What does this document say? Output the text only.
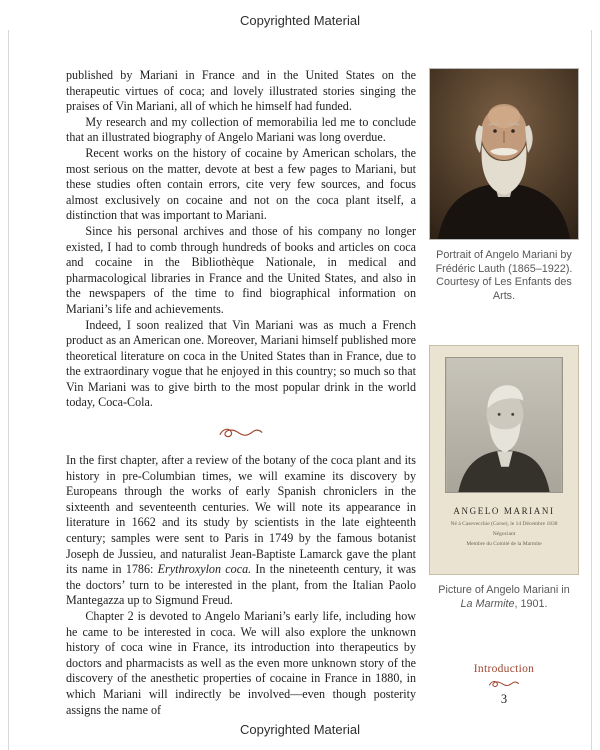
Copyrighted Material

published by Mariani in France and in the United States on the therapeutic virtues of coca; and lovely illustrated stories singing the praises of Vin Mariani, all of which he himself had funded.

My research and my collection of memorabilia led me to conclude that an illustrated biography of Angelo Mariani was long overdue.

Recent works on the history of cocaine by American scholars, the most serious on the matter, devote at best a few pages to Mariani, but these studies often contain errors, cite very few sources, and focus almost exclusively on cocaine and not on the coca plant itself, a distinction that was important to Mariani.

Since his personal archives and those of his company no longer existed, I had to comb through hundreds of books and articles on coca and cocaine in the Bibliothèque Nationale, in medical and pharmacological libraries in France and the United States, and also in the newspapers of the time to find biographical information on Mariani’s life and achievements.

Indeed, I soon realized that Vin Mariani was as much a French product as an American one. Moreover, Mariani himself published more theoretical literature on coca in the United States than in France, due to the extraordinary vogue that he enjoyed in this country; so much so that Vin Mariani was to give birth to the most popular drink in the world today, Coca-Cola.

In the first chapter, after a review of the botany of the coca plant and its history in pre-Columbian times, we will examine its discovery by Europeans through the works of early Spanish chroniclers in the sixteenth and seventeenth centuries. We will note its appearance in literature in 1662 and its study by scientists in the late eighteenth century; samples were sent to Paris in 1749 by the famous botanist Joseph de Jussieu, and naturalist Jean-Baptiste Lamarck gave the plant its name in 1786: Erythroxylon coca. In the nineteenth century, it was the doctors’ turn to be interested in the plant, from the Italian Paolo Mantegazza up to Sigmund Freud.

Chapter 2 is devoted to Angelo Mariani’s early life, including how he came to be interested in coca. We will also explore the unknown history of coca wine in France, its introduction into therapeutics by doctors and pharmacists as well as the even more unknown story of the discovery of the anesthetic properties of cocaine in France in 1880, in which Mariani will indirectly be involved—even though posterity assigns the name of

Portrait of Angelo Mariani by Frédéric Lauth (1865–1922). Courtesy of Les Enfants des Arts.
ANGELO MARIANI
Né à Casevecchie (Corse), le 14 Décembre 1838
Négociant
Membre du Comité de la Marmite
Picture of Angelo Mariani in La Marmite, 1901.
Introduction
3
Copyrighted Material
